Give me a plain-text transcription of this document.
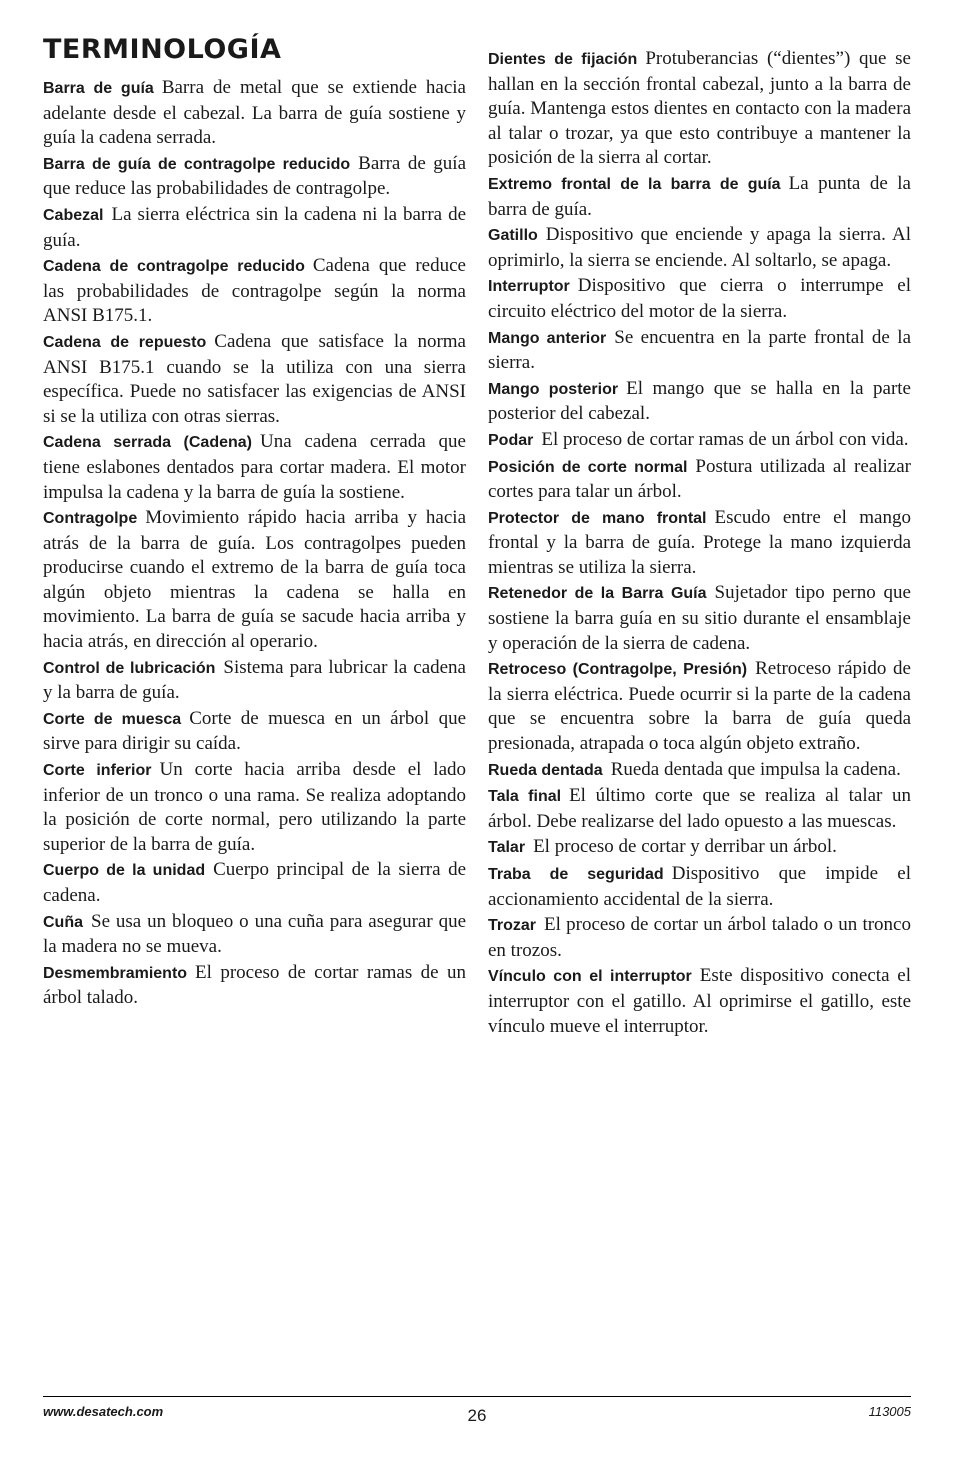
TERMINOLOGÍA

Barra de guía Barra de metal que se extiende hacia adelante desde el cabezal. La barra de guía sostiene y guía la cadena serrada.

Barra de guía de contragolpe reducido Barra de guía que reduce las probabilidades de contragolpe.

Cabezal La sierra eléctrica sin la cadena ni la barra de guía.

Cadena de contragolpe reducido Cadena que reduce las probabilidades de contragolpe según la norma ANSI B175.1.

Cadena de repuesto Cadena que satisface la norma ANSI B175.1 cuando se la utiliza con una sierra específica. Puede no satisfacer las exigencias de ANSI si se la utiliza con otras sierras.

Cadena serrada (Cadena) Una cadena cerrada que tiene eslabones dentados para cortar madera. El motor impulsa la cadena y la barra de guía la sostiene.

Contragolpe Movimiento rápido hacia arriba y hacia atrás de la barra de guía. Los contragolpes pueden producirse cuando el extremo de la barra de guía toca algún objeto mientras la cadena se halla en movimiento. La barra de guía se sacude hacia arriba y hacia atrás, en dirección al operario.

Control de lubricación Sistema para lubricar la cadena y la barra de guía.

Corte de muesca Corte de muesca en un árbol que sirve para dirigir su caída.

Corte inferior Un corte hacia arriba desde el lado inferior de un tronco o una rama. Se realiza adoptando la posición de corte normal, pero utilizando la parte superior de la barra de guía.

Cuerpo de la unidad Cuerpo principal de la sierra de cadena.

Cuña Se usa un bloqueo o una cuña para asegurar que la madera no se mueva.

Desmembramiento El proceso de cortar ramas de un árbol talado.

Dientes de fijación Protuberancias (“dientes”) que se hallan en la sección frontal cabezal, junto a la barra de guía. Mantenga estos dientes en contacto con la madera al talar o trozar, ya que esto contribuye a mantener la posición de la sierra al cortar.

Extremo frontal de la barra de guía La punta de la barra de guía.

Gatillo Dispositivo que enciende y apaga la sierra. Al oprimirlo, la sierra se enciende. Al soltarlo, se apaga.

Interruptor Dispositivo que cierra o interrumpe el circuito eléctrico del motor de la sierra.

Mango anterior Se encuentra en la parte frontal de la sierra.

Mango posterior El mango que se halla en la parte posterior del cabezal.

Podar El proceso de cortar ramas de un árbol con vida.

Posición de corte normal Postura utilizada al realizar cortes para talar un árbol.

Protector de mano frontal Escudo entre el mango frontal y la barra de guía. Protege la mano izquierda mientras se utiliza la sierra.

Retenedor de la Barra Guía Sujetador tipo perno que sostiene la barra guía en su sitio durante el ensamblaje y operación de la sierra de cadena.

Retroceso (Contragolpe, Presión) Retroceso rápido de la sierra eléctrica. Puede ocurrir si la parte de la cadena que se encuentra sobre la barra de guía queda presionada, atrapada o toca algún objeto extraño.

Rueda dentada Rueda dentada que impulsa la cadena.

Tala final El último corte que se realiza al talar un árbol. Debe realizarse del lado opuesto a las muescas.

Talar El proceso de cortar y derribar un árbol.

Traba de seguridad Dispositivo que impide el accionamiento accidental de la sierra.

Trozar El proceso de cortar un árbol talado o un tronco en trozos.

Vínculo con el interruptor Este dispositivo conecta el interruptor con el gatillo. Al oprimirse el gatillo, este vínculo mueve el interruptor.

www.desatech.com	26	113005
